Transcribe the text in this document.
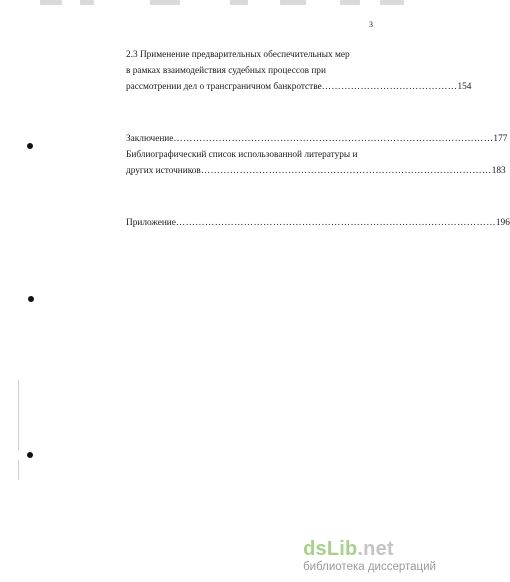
3
2.3 Применение предварительных обеспечительных мер
в рамках взаимодействия судебных процессов при
рассмотрении дел о трансграничном банкротстве …………………………………… 154
Заключение ……………………………………………………………………………………… 177
Библиографический список использованной литературы и
других источников ……………………………………………………………………………… 183
Приложение ……………………………………………………………………………………… 196
dsLib.net
библиотека диссертаций
